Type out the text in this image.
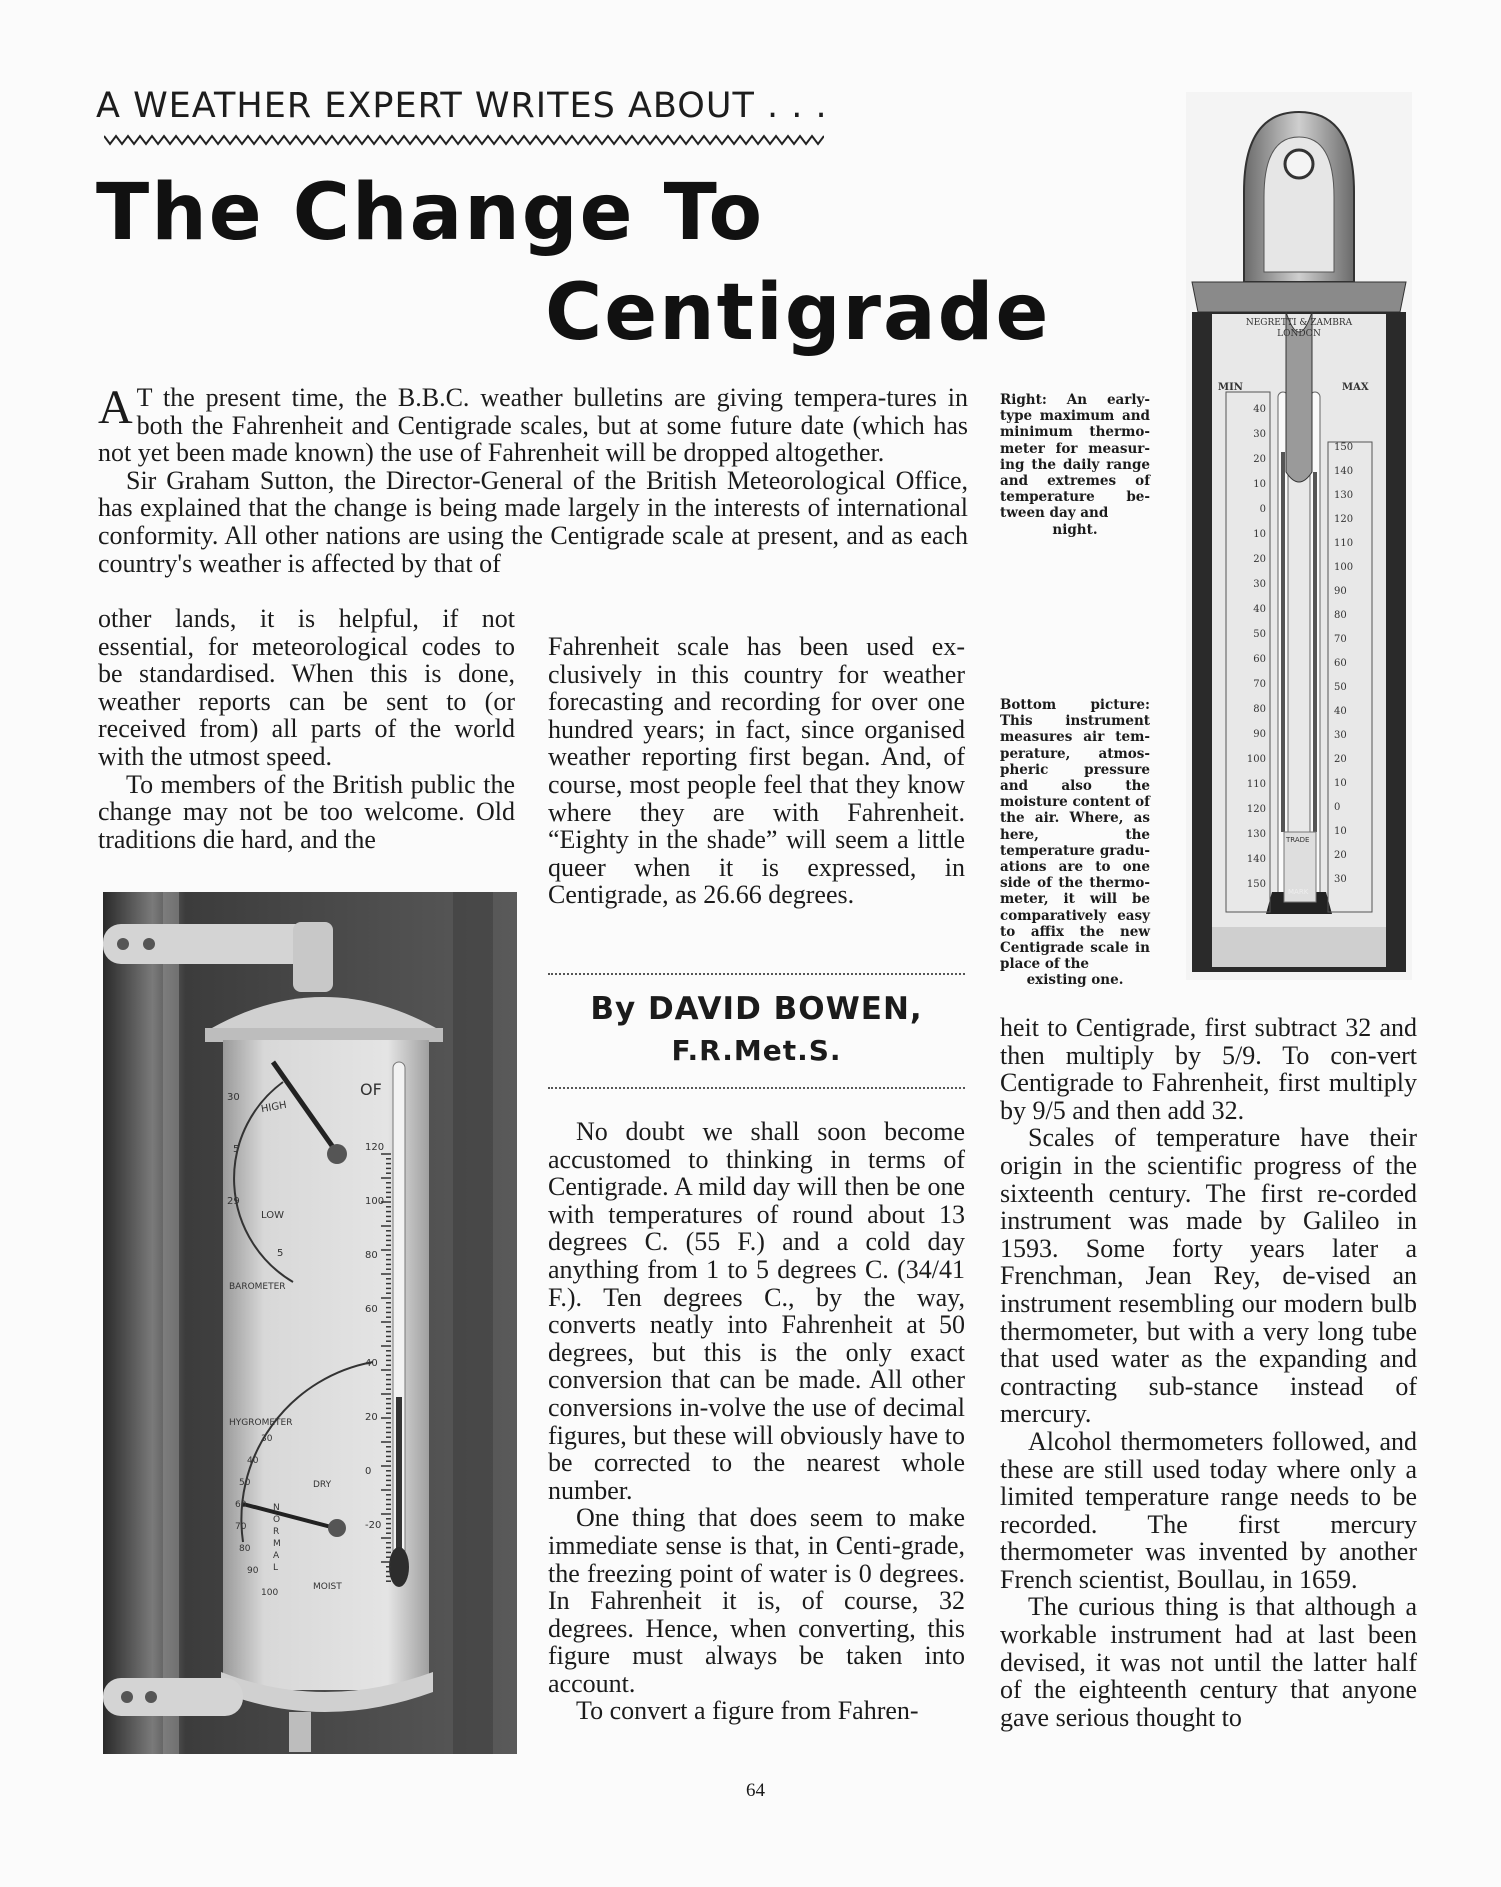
A WEATHER EXPERT WRITES ABOUT . . .
The Change To
Centigrade

A T the present time, the B.B.C. weather bulletins are giving tempera-tures in both the Fahrenheit and Centigrade scales, but at some future date (which has not yet been made known) the use of Fahrenheit will be dropped altogether.

Sir Graham Sutton, the Director-General of the British Meteorological Office, has explained that the change is being made largely in the interests of international conformity. All other nations are using the Centigrade scale at present, and as each country's weather is affected by that of

other lands, it is helpful, if not essential, for meteorological codes to be standardised. When this is done, weather reports can be sent to (or received from) all parts of the world with the utmost speed.

To members of the British public the change may not be too welcome. Old traditions die hard, and the

Fahrenheit scale has been used ex-clusively in this country for weather forecasting and recording for over one hundred years; in fact, since organised weather reporting first began. And, of course, most people feel that they know where they are with Fahrenheit. “Eighty in the shade” will seem a little queer when it is expressed, in Centigrade, as 26.66 degrees.

By DAVID BOWEN,
F.R.Met.S.

No doubt we shall soon become accustomed to thinking in terms of Centigrade. A mild day will then be one with temperatures of round about 13 degrees C. (55 F.) and a cold day anything from 1 to 5 degrees C. (34/41 F.). Ten degrees C., by the way, converts neatly into Fahrenheit at 50 degrees, but this is the only exact conversion that can be made. All other conversions in-volve the use of decimal figures, but these will obviously have to be corrected to the nearest whole number.

One thing that does seem to make immediate sense is that, in Centi-grade, the freezing point of water is 0 degrees. In Fahrenheit it is, of course, 32 degrees. Hence, when converting, this figure must always be taken into account.

To convert a figure from Fahren-

heit to Centigrade, first subtract 32 and then multiply by 5/9. To con-vert Centigrade to Fahrenheit, first multiply by 9/5 and then add 32.

Scales of temperature have their origin in the scientific progress of the sixteenth century. The first re-corded instrument was made by Galileo in 1593. Some forty years later a Frenchman, Jean Rey, de-vised an instrument resembling our modern bulb thermometer, but with a very long tube that used water as the expanding and contracting sub-stance instead of mercury.

Alcohol thermometers followed, and these are still used today where only a limited temperature range needs to be recorded. The first mercury thermometer was invented by another French scientist, Boullau, in 1659.

The curious thing is that although a workable instrument had at last been devised, it was not until the latter half of the eighteenth century that anyone gave serious thought to

Right: An early-type maximum and minimum thermo-meter for measur-ing the daily range and extremes of temperature be-tween day and
night.
Bottom picture: This instrument measures air tem-perature, atmos-pheric pressure and also the moisture content of the air. Where, as here, the temperature gradu-ations are to one side of the thermo-meter, it will be comparatively easy to affix the new Centigrade scale in place of the
existing one.
OF
HIGH
LOW
BAROMETER
HYGROMETER
DRY
NORMAL
MOIST
120
100
80
60
40
20
0
-20
30
5
29
5
30
40
50
60
70
80
90
100
NEGRETTI & ZAMBRA LONDON
MIN	MAX
40
30
20
10
0
10
20
30
40
50
60
70
80
90
100
110
120
130
140
150
150
140
130
120
110
100
90
80
70
60
50
40
30
20
10
0
10
20
30
TRADE
MARK
64
